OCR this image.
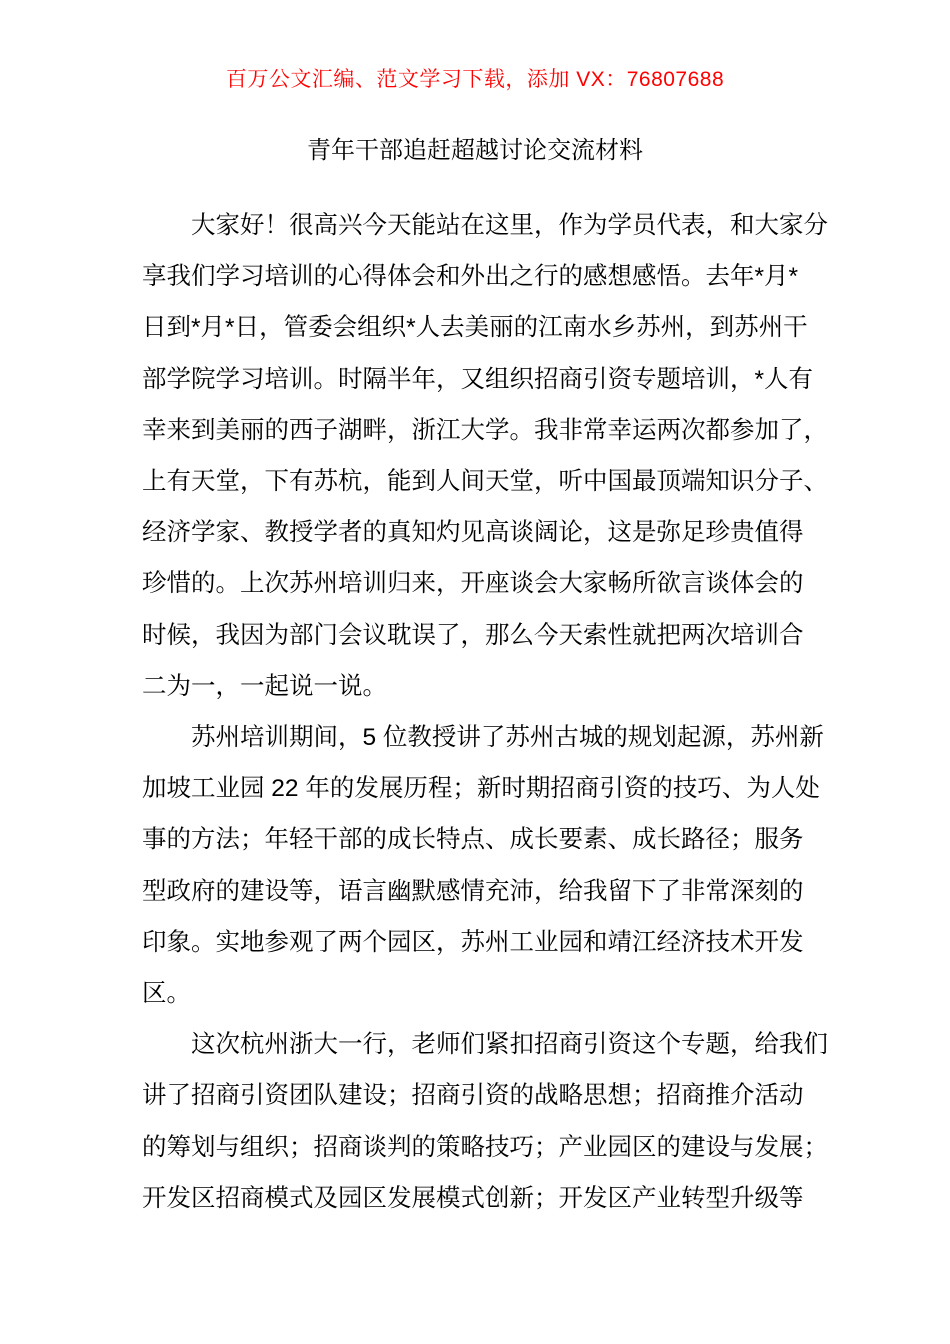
百万公文汇编、范文学习下载，添加 VX：76807688
青年干部追赶超越讨论交流材料
大家好！很高兴今天能站在这里，作为学员代表，和大家分
享我们学习培训的心得体会和外出之行的感想感悟。去年*月*
日到*月*日，管委会组织*人去美丽的江南水乡苏州，到苏州干
部学院学习培训。时隔半年，又组织招商引资专题培训，*人有
幸来到美丽的西子湖畔，浙江大学。我非常幸运两次都参加了，
上有天堂，下有苏杭，能到人间天堂，听中国最顶端知识分子、
经济学家、教授学者的真知灼见高谈阔论，这是弥足珍贵值得
珍惜的。上次苏州培训归来，开座谈会大家畅所欲言谈体会的
时候，我因为部门会议耽误了，那么今天索性就把两次培训合
二为一，一起说一说。
苏州培训期间，5 位教授讲了苏州古城的规划起源，苏州新
加坡工业园 22 年的发展历程；新时期招商引资的技巧、为人处
事的方法；年轻干部的成长特点、成长要素、成长路径；服务
型政府的建设等，语言幽默感情充沛，给我留下了非常深刻的
印象。实地参观了两个园区，苏州工业园和靖江经济技术开发
区。
这次杭州浙大一行，老师们紧扣招商引资这个专题，给我们
讲了招商引资团队建设；招商引资的战略思想；招商推介活动
的筹划与组织；招商谈判的策略技巧；产业园区的建设与发展；
开发区招商模式及园区发展模式创新；开发区产业转型升级等
